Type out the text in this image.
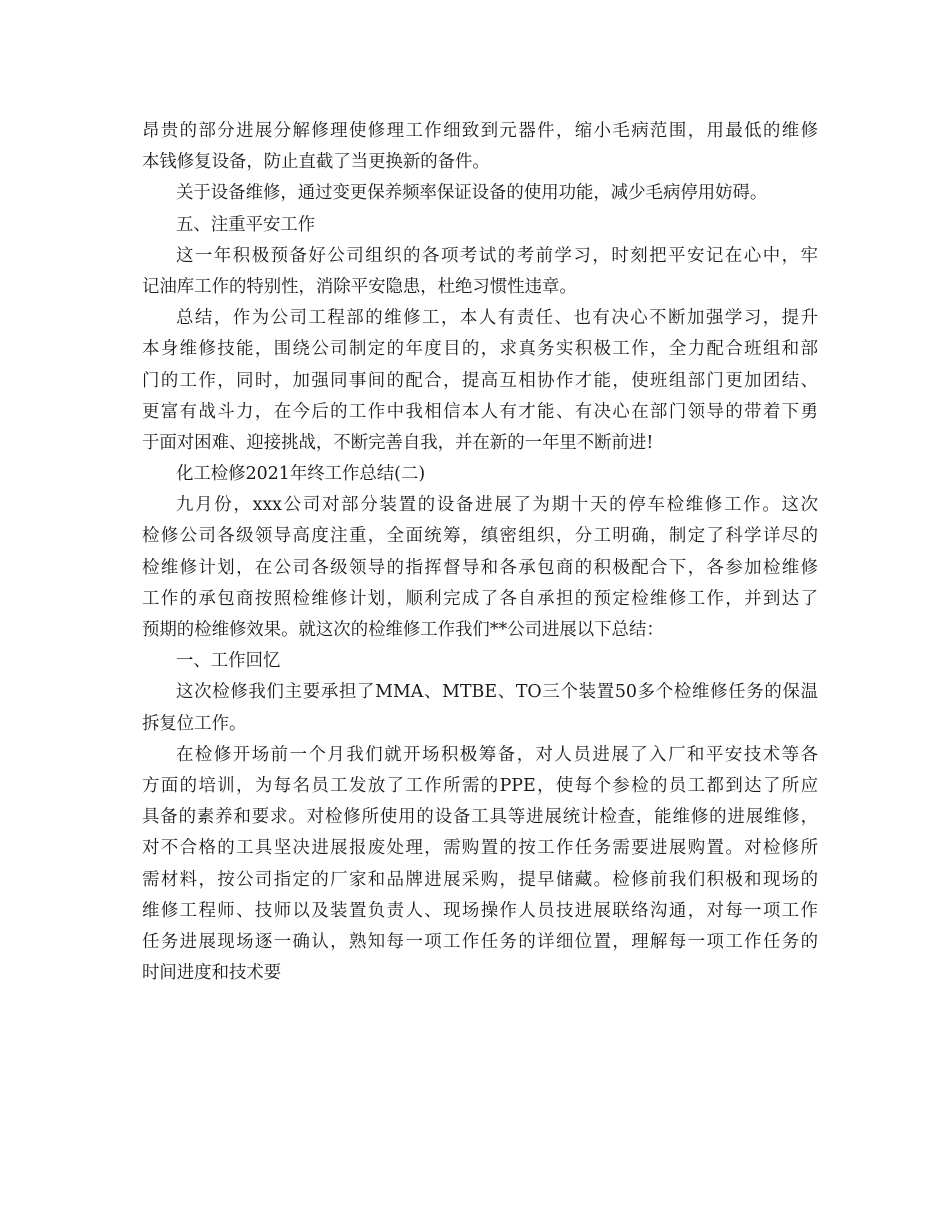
昂贵的部分进展分解修理使修理工作细致到元器件，缩小毛病范围，用最低的维修
本钱修复设备，防止直截了当更换新的备件。
关于设备维修，通过变更保养频率保证设备的使用功能，减少毛病停用妨碍。
五、注重平安工作
这一年积极预备好公司组织的各项考试的考前学习，时刻把平安记在心中，牢
记油库工作的特别性，消除平安隐患，杜绝习惯性违章。
总结，作为公司工程部的维修工，本人有责任、也有决心不断加强学习，提升
本身维修技能，围绕公司制定的年度目的，求真务实积极工作，全力配合班组和部
门的工作，同时，加强同事间的配合，提高互相协作才能，使班组部门更加团结、
更富有战斗力，在今后的工作中我相信本人有才能、有决心在部门领导的带着下勇
于面对困难、迎接挑战，不断完善自我，并在新的一年里不断前进!
化工检修2021年终工作总结(二)
九月份，xxx公司对部分装置的设备进展了为期十天的停车检维修工作。这次
检修公司各级领导高度注重，全面统筹，缜密组织，分工明确，制定了科学详尽的
检维修计划，在公司各级领导的指挥督导和各承包商的积极配合下，各参加检维修
工作的承包商按照检维修计划，顺利完成了各自承担的预定检维修工作，并到达了
预期的检维修效果。就这次的检维修工作我们**公司进展以下总结：
一、工作回忆
这次检修我们主要承担了MMA、MTBE、TO三个装置50多个检维修任务的保温
拆复位工作。
在检修开场前一个月我们就开场积极筹备，对人员进展了入厂和平安技术等各
方面的培训，为每名员工发放了工作所需的PPE，使每个参检的员工都到达了所应
具备的素养和要求。对检修所使用的设备工具等进展统计检查，能维修的进展维修，
对不合格的工具坚决进展报废处理，需购置的按工作任务需要进展购置。对检修所
需材料，按公司指定的厂家和品牌进展采购，提早储藏。检修前我们积极和现场的
维修工程师、技师以及装置负责人、现场操作人员技进展联络沟通，对每一项工作
任务进展现场逐一确认，熟知每一项工作任务的详细位置，理解每一项工作任务的
时间进度和技术要
